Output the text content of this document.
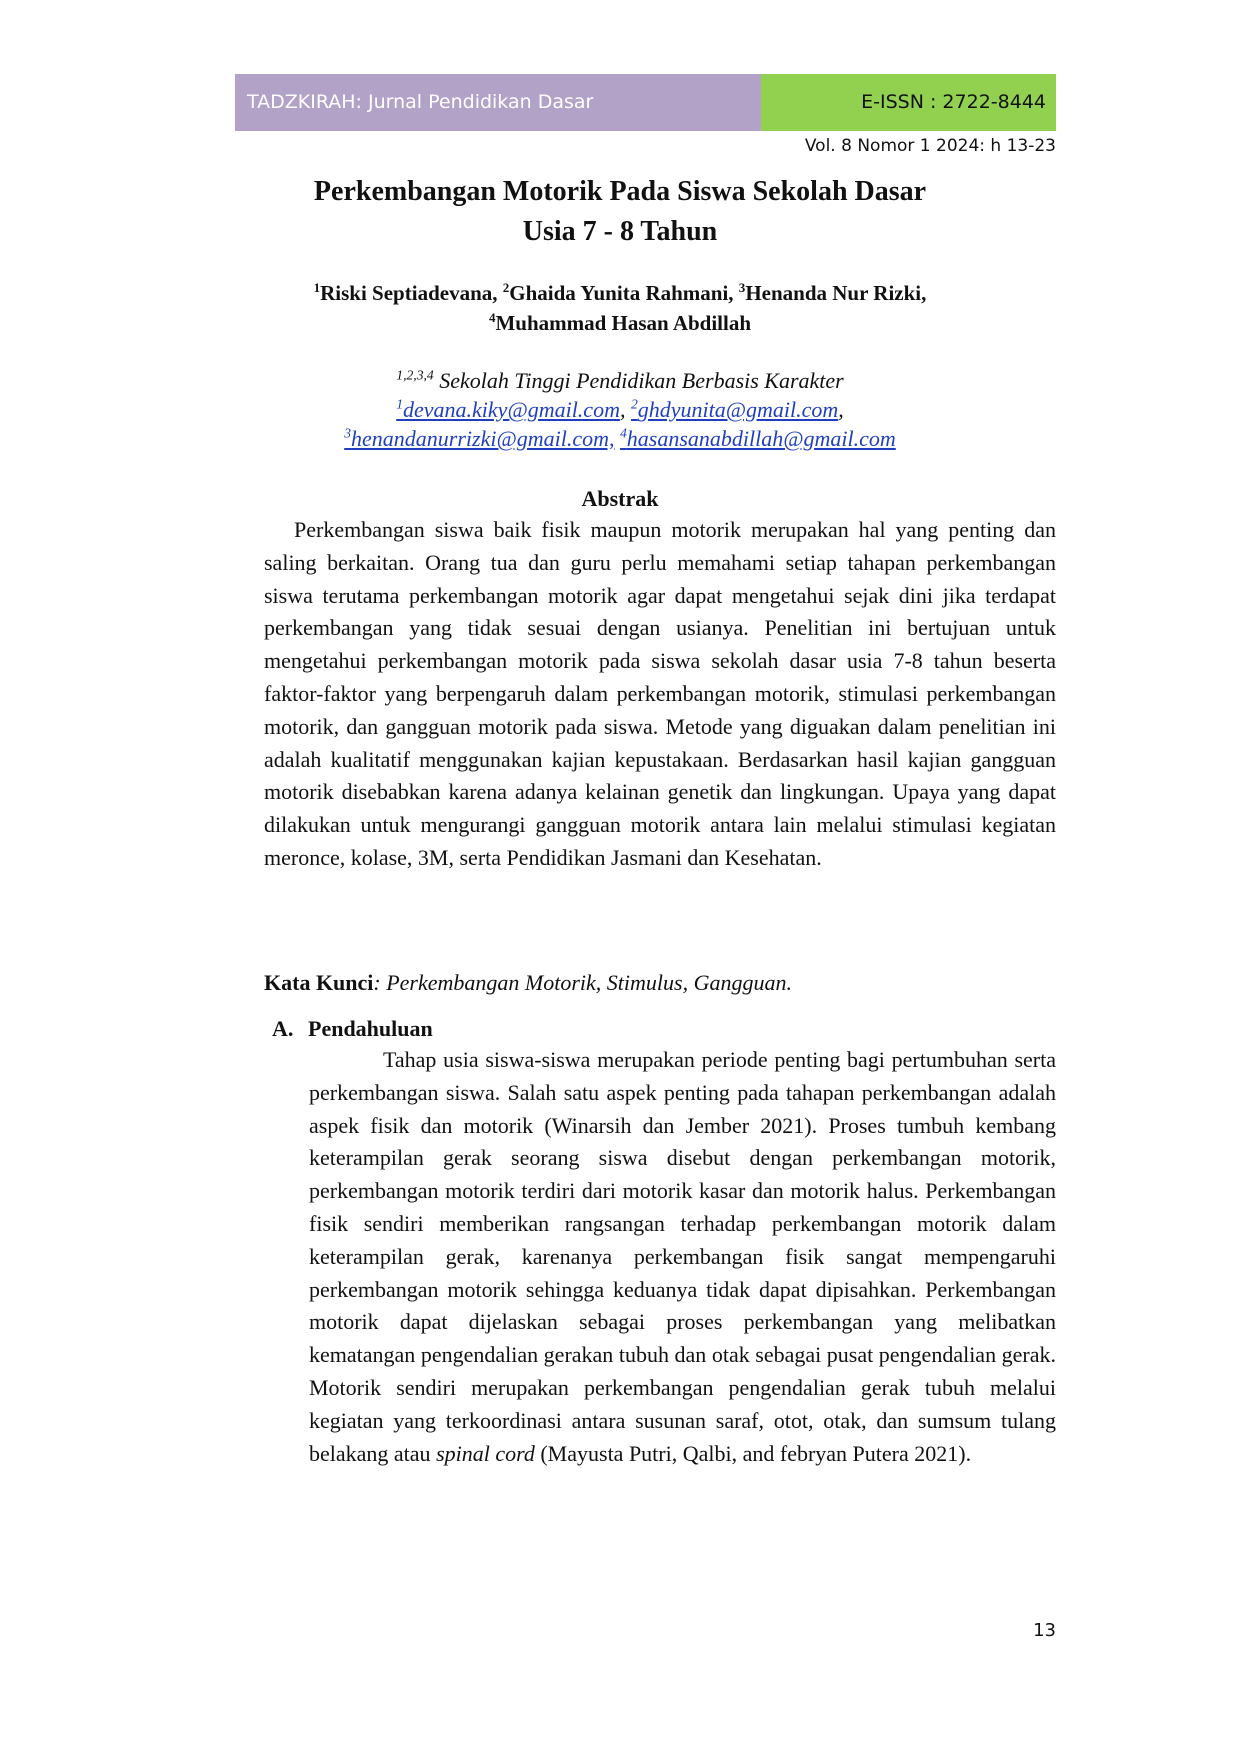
TADZKIRAH: Jurnal Pendidikan Dasar	E-ISSN : 2722-8444
Vol. 8 Nomor 1 2024: h 13-23
Perkembangan Motorik Pada Siswa Sekolah Dasar
Usia 7 - 8 Tahun
$^1$Riski Septiadevana, $^2$Ghaida Yunita Rahmani, $^3$Henanda Nur Rizki,
$^4$Muhammad Hasan Abdillah
$^{1,2,3,4}$ Sekolah Tinggi Pendidikan Berbasis Karakter
$^1$devana.kiky@gmail.com, $^2$ghdyunita@gmail.com,
$^3$henandanurrizki@gmail.com, $^4$hasansanabdillah@gmail.com
Abstrak

Perkembangan siswa baik fisik maupun motorik merupakan hal yang penting dan saling berkaitan. Orang tua dan guru perlu memahami setiap tahapan perkembangan siswa terutama perkembangan motorik agar dapat mengetahui sejak dini jika terdapat perkembangan yang tidak sesuai dengan usianya. Penelitian ini bertujuan untuk mengetahui perkembangan motorik pada siswa sekolah dasar usia 7-8 tahun beserta faktor-faktor yang berpengaruh dalam perkembangan motorik, stimulasi perkembangan motorik, dan gangguan motorik pada siswa. Metode yang diguakan dalam penelitian ini adalah kualitatif menggunakan kajian kepustakaan. Berdasarkan hasil kajian gangguan motorik disebabkan karena adanya kelainan genetik dan lingkungan. Upaya yang dapat dilakukan untuk mengurangi gangguan motorik antara lain melalui stimulasi kegiatan meronce, kolase, 3M, serta Pendidikan Jasmani dan Kesehatan.

Kata Kunci: Perkembangan Motorik, Stimulus, Gangguan.
A. Pendahuluan

Tahap usia siswa-siswa merupakan periode penting bagi pertumbuhan serta perkembangan siswa. Salah satu aspek penting pada tahapan perkembangan adalah aspek fisik dan motorik (Winarsih dan Jember 2021). Proses tumbuh kembang keterampilan gerak seorang siswa disebut dengan perkembangan motorik, perkembangan motorik terdiri dari motorik kasar dan motorik halus. Perkembangan fisik sendiri memberikan rangsangan terhadap perkembangan motorik dalam keterampilan gerak, karenanya perkembangan fisik sangat mempengaruhi perkembangan motorik sehingga keduanya tidak dapat dipisahkan. Perkembangan motorik dapat dijelaskan sebagai proses perkembangan yang melibatkan kematangan pengendalian gerakan tubuh dan otak sebagai pusat pengendalian gerak. Motorik sendiri merupakan perkembangan pengendalian gerak tubuh melalui kegiatan yang terkoordinasi antara susunan saraf, otot, otak, dan sumsum tulang belakang atau spinal cord (Mayusta Putri, Qalbi, and febryan Putera 2021).

13
